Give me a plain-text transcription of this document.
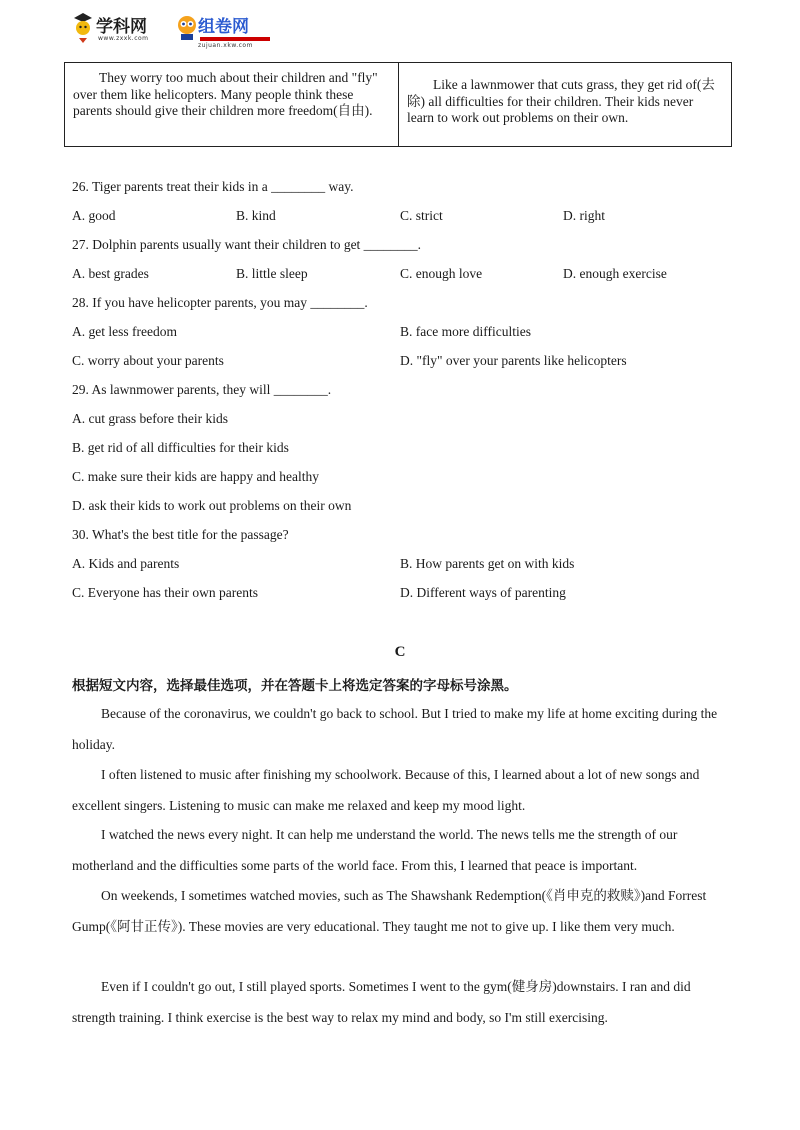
学科网
www.zxxk.com
组卷网
zujuan.xkw.com
They worry too much about their children and "fly" over them like helicopters. Many people think these parents should give their children more freedom(自由).	Like a lawnmower that cuts grass, they get rid of(去除) all difficulties for their children. Their kids never learn to work out problems on their own.
26. Tiger parents treat their kids in a ________ way.
A. good	B. kind	C. strict	D. right
27. Dolphin parents usually want their children to get ________.
A. best grades	B. little sleep	C. enough love	D. enough exercise
28. If you have helicopter parents, you may ________.
A. get less freedom	B. face more difficulties
C. worry about your parents	D. "fly" over your parents like helicopters
29. As lawnmower parents, they will ________.
A. cut grass before their kids
B. get rid of all difficulties for their kids
C. make sure their kids are happy and healthy
D. ask their kids to work out problems on their own
30. What's the best title for the passage?
A. Kids and parents	B. How parents get on with kids
C. Everyone has their own parents	D. Different ways of parenting
C
根据短文内容，选择最佳选项，并在答题卡上将选定答案的字母标号涂黑。
Because of the coronavirus, we couldn't go back to school. But I tried to make my life at home exciting during the holiday.
I often listened to music after finishing my schoolwork. Because of this, I learned about a lot of new songs and excellent singers. Listening to music can make me relaxed and keep my mood light.
I watched the news every night. It can help me understand the world. The news tells me the strength of our motherland and the difficulties some parts of the world face. From this, I learned that peace is important.
On weekends, I sometimes watched movies, such as The Shawshank Redemption(《肖申克的救赎》)and Forrest Gump(《阿甘正传》). These movies are very educational. They taught me not to give up. I like them very much.
Even if I couldn't go out, I still played sports. Sometimes I went to the gym(健身房)downstairs. I ran and did strength training. I think exercise is the best way to relax my mind and body, so I'm still exercising.
